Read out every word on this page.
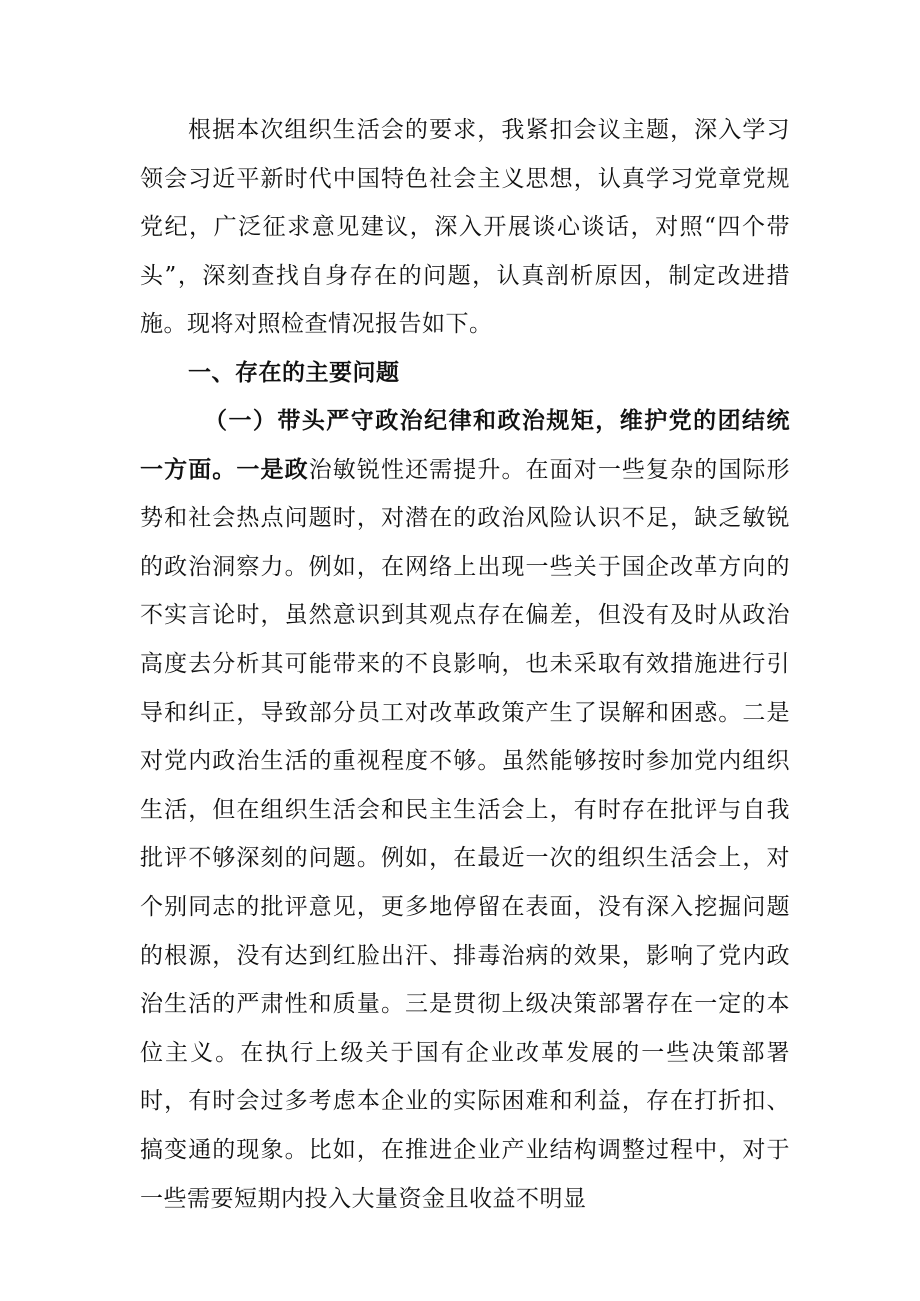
根据本次组织生活会的要求，我紧扣会议主题，深入学习领会习近平新时代中国特色社会主义思想，认真学习党章党规党纪，广泛征求意见建议，深入开展谈心谈话，对照“四个带头”，深刻查找自身存在的问题，认真剖析原因，制定改进措施。现将对照检查情况报告如下。

一、存在的主要问题

（一）带头严守政治纪律和政治规矩，维护党的团结统一方面。一是政治敏锐性还需提升。在面对一些复杂的国际形势和社会热点问题时，对潜在的政治风险认识不足，缺乏敏锐的政治洞察力。例如，在网络上出现一些关于国企改革方向的不实言论时，虽然意识到其观点存在偏差，但没有及时从政治高度去分析其可能带来的不良影响，也未采取有效措施进行引导和纠正，导致部分员工对改革政策产生了误解和困惑。二是对党内政治生活的重视程度不够。虽然能够按时参加党内组织生活，但在组织生活会和民主生活会上，有时存在批评与自我批评不够深刻的问题。例如，在最近一次的组织生活会上，对个别同志的批评意见，更多地停留在表面，没有深入挖掘问题的根源，没有达到红脸出汗、排毒治病的效果，影响了党内政治生活的严肃性和质量。三是贯彻上级决策部署存在一定的本位主义。在执行上级关于国有企业改革发展的一些决策部署时，有时会过多考虑本企业的实际困难和利益，存在打折扣、搞变通的现象。比如，在推进企业产业结构调整过程中，对于一些需要短期内投入大量资金且收益不明显
